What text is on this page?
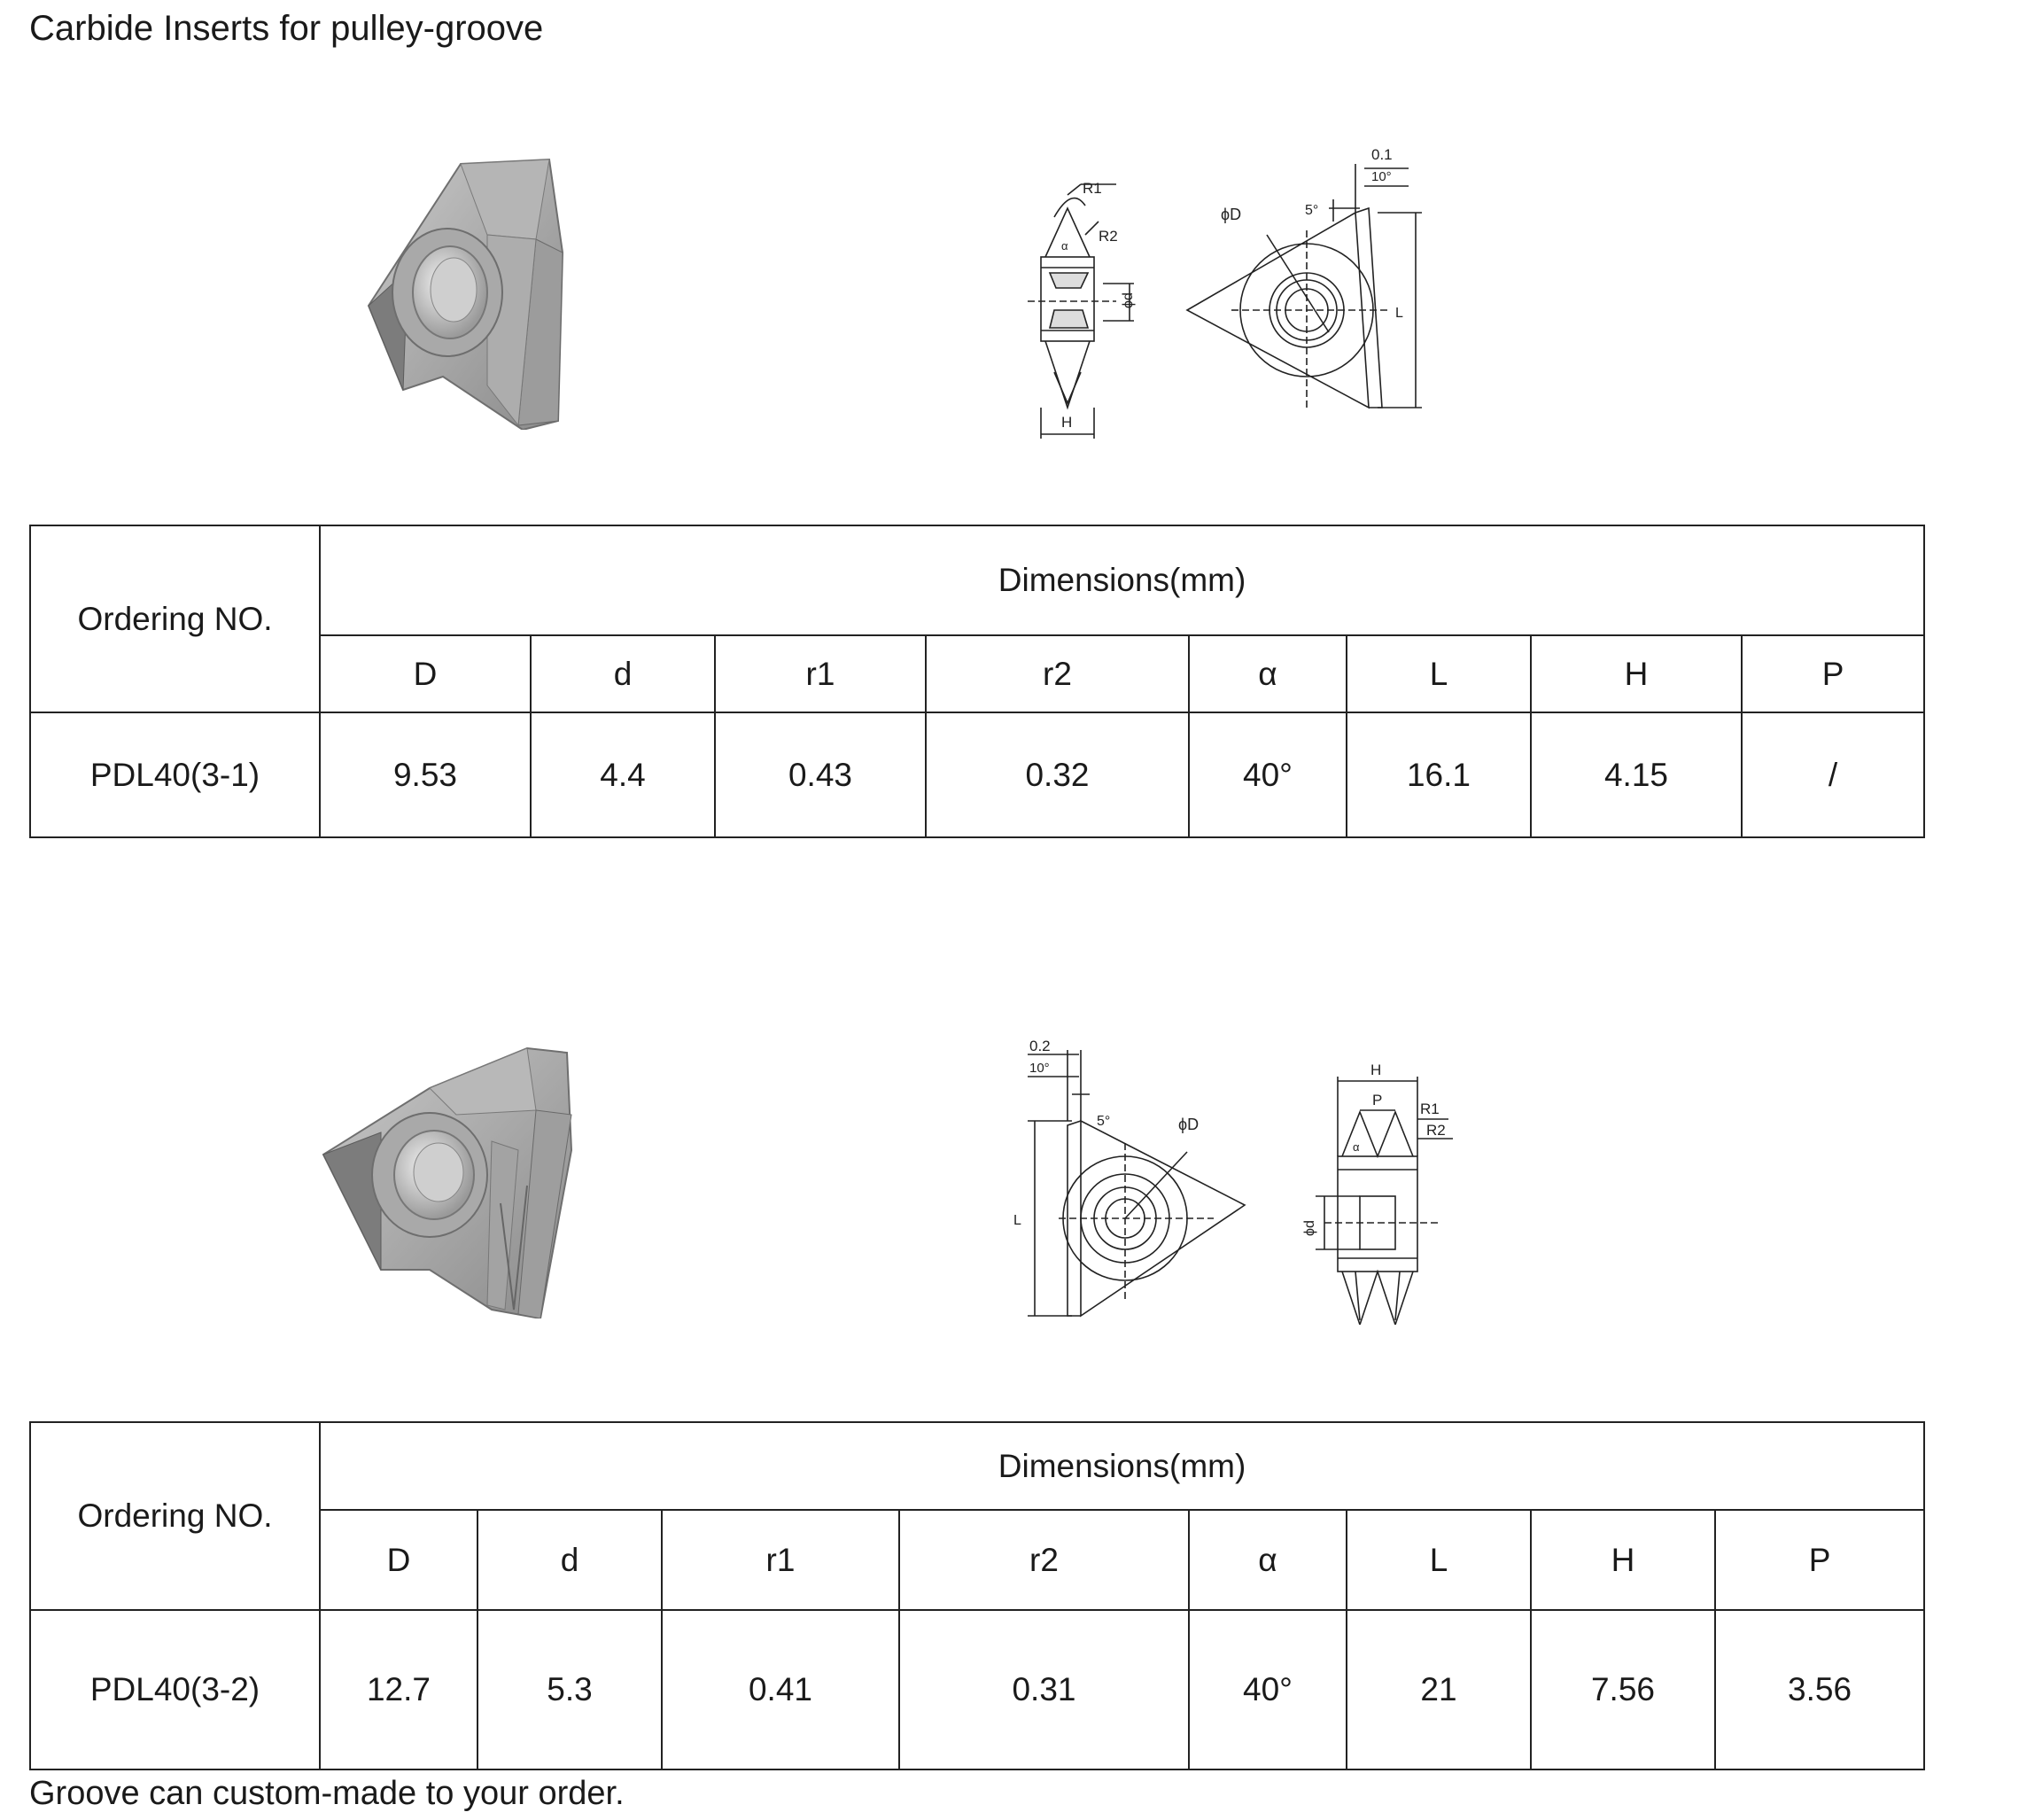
Carbide Inserts for pulley-groove
R1
R2
α
ϕd
H
ϕD
0.1
10°
5°
L
Ordering NO.	Dimensions(mm)							
	D	d	r1	r2	α	L	H	P
PDL40(3-1)	9.53	4.4	0.43	0.32	40°	16.1	4.15	/
0.2
10°
5°	ϕD
L
H
P
R1
R2
α
ϕd
Ordering NO.	Dimensions(mm)							
	D	d	r1	r2	α	L	H	P
PDL40(3-2)	12.7	5.3	0.41	0.31	40°	21	7.56	3.56
Groove can custom-made to your order.
